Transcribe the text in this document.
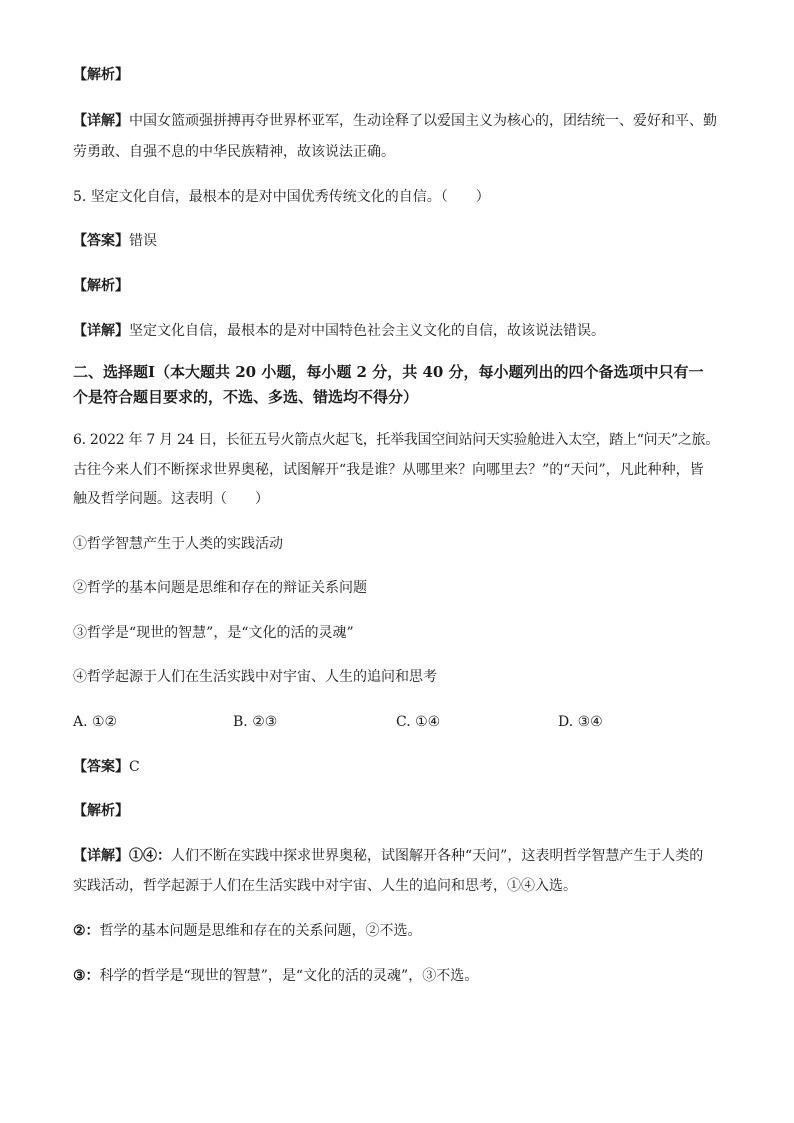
【解析】
【详解】中国女篮顽强拼搏再夺世界杯亚军，生动诠释了以爱国主义为核心的，团结统一、爱好和平、勤
劳勇敢、自强不息的中华民族精神，故该说法正确。
5. 坚定文化自信，最根本的是对中国优秀传统文化的自信。（　　）
【答案】错误
【解析】
【详解】坚定文化自信，最根本的是对中国特色社会主义文化的自信，故该说法错误。
二、选择题Ⅰ（本大题共 20 小题，每小题 2 分，共 40 分，每小题列出的四个备选项中只有一
个是符合题目要求的，不选、多选、错选均不得分）
6. 2022 年 7 月 24 日，长征五号火箭点火起飞，托举我国空间站问天实验舱进入太空，踏上“问天”之旅。
古往今来人们不断探求世界奥秘，试图解开“我是谁？从哪里来？向哪里去？”的“天问”，凡此种种，皆
触及哲学问题。这表明（　　）
①哲学智慧产生于人类的实践活动
②哲学的基本问题是思维和存在的辩证关系问题
③哲学是“现世的智慧”，是“文化的活的灵魂”
④哲学起源于人们在生活实践中对宇宙、人生的追问和思考
A. ①②	B. ②③	C. ①④	D. ③④
【答案】C
【解析】
【详解】①④：人们不断在实践中探求世界奥秘，试图解开各种“天问”，这表明哲学智慧产生于人类的
实践活动，哲学起源于人们在生活实践中对宇宙、人生的追问和思考，①④入选。
②：哲学的基本问题是思维和存在的关系问题，②不选。
③：科学的哲学是“现世的智慧”，是“文化的活的灵魂”，③不选。
